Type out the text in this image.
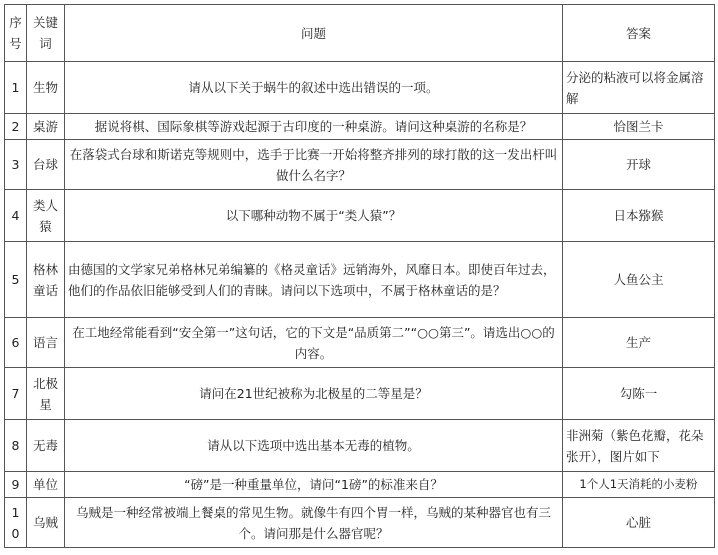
序号	关键词	问题	答案
1	生物	请从以下关于蜗牛的叙述中选出错误的一项。	分泌的粘液可以将金属溶解
2	桌游	据说将棋、国际象棋等游戏起源于古印度的一种桌游。请问这种桌游的名称是？	恰图兰卡
3	台球	在落袋式台球和斯诺克等规则中，选手于比赛一开始将整齐排列的球打散的这一发出杆叫做什么名字？	开球
4	类人猿	以下哪种动物不属于“类人猿”？	日本猕猴
5	格林童话	由德国的文学家兄弟格林兄弟编纂的《格灵童话》远销海外，风靡日本。即使百年过去，他们的作品依旧能够受到人们的青睐。请问以下选项中，不属于格林童话的是？	人鱼公主
6	语言	在工地经常能看到“安全第一”这句话，它的下文是“品质第二”“○○第三”。请选出○○的内容。	生产
7	北极星	请问在21世纪被称为北极星的二等星是？	勾陈一
8	无毒	请从以下选项中选出基本无毒的植物。	非洲菊（紫色花瓣，花朵张开），图片如下
9	单位	“磅”是一种重量单位，请问“1磅”的标准来自？	1个人1天消耗的小麦粉
10	乌贼	乌贼是一种经常被端上餐桌的常见生物。就像牛有四个胃一样，乌贼的某种器官也有三个。请问那是什么器官呢？	心脏
